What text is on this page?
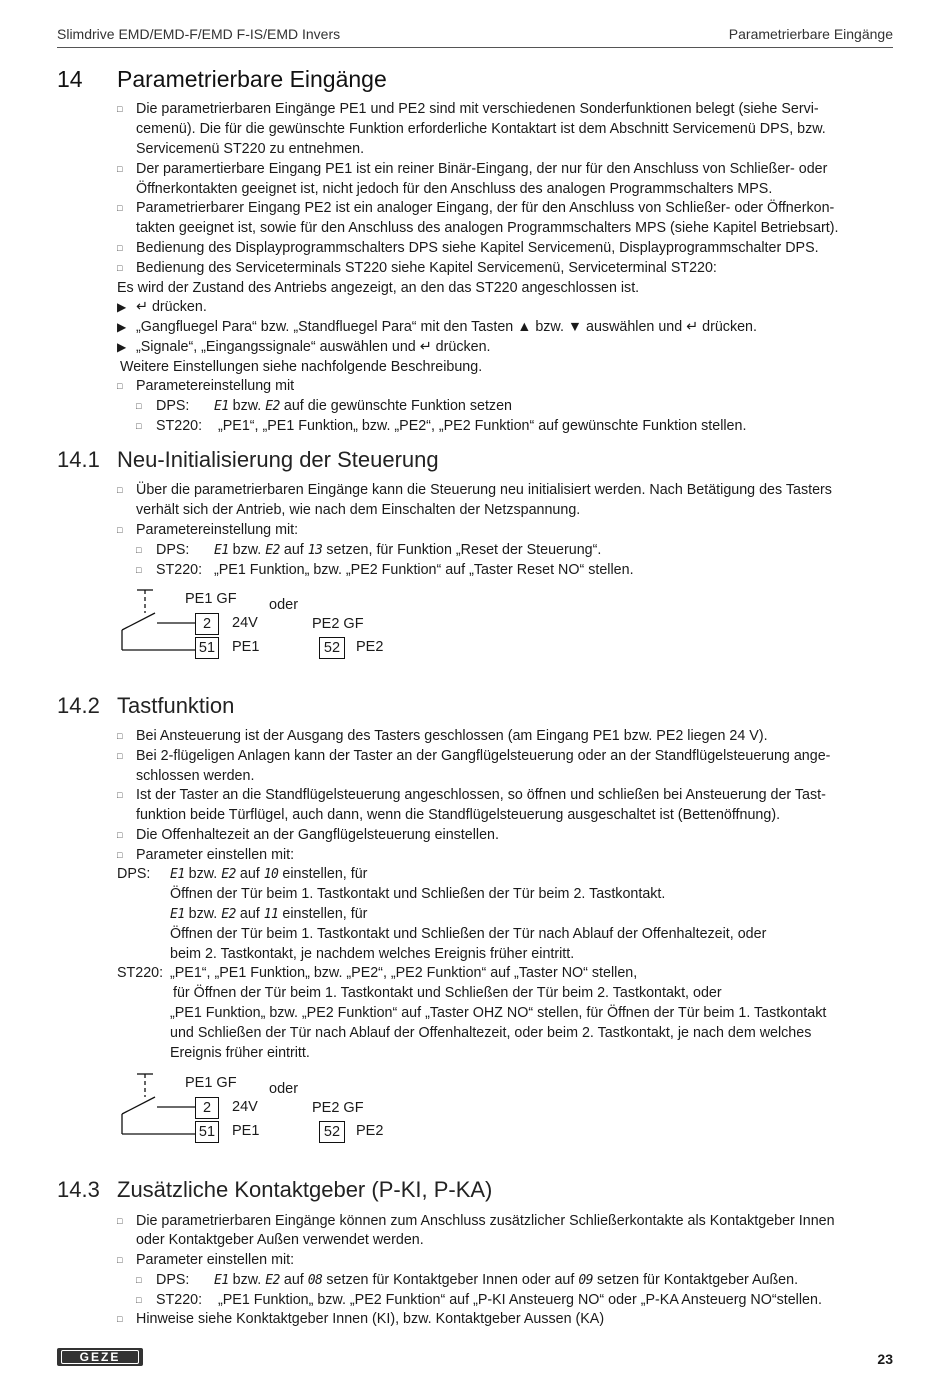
Slimdrive EMD/EMD-F/EMD F-IS/EMD Invers	Parametrierbare Eingänge
14 Parametrierbare Eingänge
□ Die parametrierbaren Eingänge PE1 und PE2 sind mit verschiedenen Sonderfunktionen belegt (siehe Servi-
cemenü). Die für die gewünschte Funktion erforderliche Kontaktart ist dem Abschnitt Servicemenü DPS, bzw.
Servicemenü ST220 zu entnehmen.
□ Der paramertierbare Eingang PE1 ist ein reiner Binär-Eingang, der nur für den Anschluss von Schließer- oder
Öffnerkontakten geeignet ist, nicht jedoch für den Anschluss des analogen Programmschalters MPS.
□ Parametrierbarer Eingang PE2 ist ein analoger Eingang, der für den Anschluss von Schließer- oder Öffnerkon-
takten geeignet ist, sowie für den Anschluss des analogen Programmschalters MPS (siehe Kapitel Betriebsart).
□ Bedienung des Displayprogrammschalters DPS siehe Kapitel Servicemenü, Displayprogrammschalter DPS.
□ Bedienung des Serviceterminals ST220 siehe Kapitel Servicemenü, Serviceterminal ST220:
Es wird der Zustand des Antriebs angezeigt, an den das ST220 angeschlossen ist.
▶ ↵ drücken.
▶ „Gangfluegel Para“ bzw. „Standfluegel Para“ mit den Tasten ▲ bzw. ▼ auswählen und ↵ drücken.
▶ „Signale“, „Eingangssignale“ auswählen und ↵ drücken.
Weitere Einstellungen siehe nachfolgende Beschreibung.
□ Parametereinstellung mit
□ DPS: E1 bzw. E2 auf die gewünschte Funktion setzen
□ ST220: „PE1“, „PE1 Funktion„ bzw. „PE2“, „PE2 Funktion“ auf gewünschte Funktion stellen.
14.1 Neu-Initialisierung der Steuerung
□ Über die parametrierbaren Eingänge kann die Steuerung neu initialisiert werden. Nach Betätigung des Tasters
verhält sich der Antrieb, wie nach dem Einschalten der Netzspannung.
□ Parametereinstellung mit:
□ DPS: E1 bzw. E2 auf 13 setzen, für Funktion „Reset der Steuerung“.
□ ST220: „PE1 Funktion„ bzw. „PE2 Funktion“ auf „Taster Reset NO“ stellen.
PE1 GF oder
2	24V
51 PE1
PE2 GF
52	PE2
14.2 Tastfunktion
□ Bei Ansteuerung ist der Ausgang des Tasters geschlossen (am Eingang PE1 bzw. PE2 liegen 24 V).
□ Bei 2-flügeligen Anlagen kann der Taster an der Gangflügelsteuerung oder an der Standflügelsteuerung ange-
schlossen werden.
□ Ist der Taster an die Standflügelsteuerung angeschlossen, so öffnen und schließen bei Ansteuerung der Tast-
funktion beide Türflügel, auch dann, wenn die Standflügelsteuerung ausgeschaltet ist (Bettenöffnung).
□ Die Offenhaltezeit an der Gangflügelsteuerung einstellen.
□ Parameter einstellen mit:
DPS: E1 bzw. E2 auf 10 einstellen, für
Öffnen der Tür beim 1. Tastkontakt und Schließen der Tür beim 2. Tastkontakt.
E1 bzw. E2 auf 11 einstellen, für
Öffnen der Tür beim 1. Tastkontakt und Schließen der Tür nach Ablauf der Offenhaltezeit, oder
beim 2. Tastkontakt, je nachdem welches Ereignis früher eintritt.
ST220: „PE1“, „PE1 Funktion„ bzw. „PE2“, „PE2 Funktion“ auf „Taster NO“ stellen,
für Öffnen der Tür beim 1. Tastkontakt und Schließen der Tür beim 2. Tastkontakt, oder
„PE1 Funktion„ bzw. „PE2 Funktion“ auf „Taster OHZ NO“ stellen, für Öffnen der Tür beim 1. Tastkontakt
und Schließen der Tür nach Ablauf der Offenhaltezeit, oder beim 2. Tastkontakt, je nach dem welches
Ereignis früher eintritt.
PE1 GF oder
2	24V
51 PE1
PE2 GF
52	PE2
14.3 Zusätzliche Kontaktgeber (P-KI, P-KA)
□ Die parametrierbaren Eingänge können zum Anschluss zusätzlicher Schließerkontakte als Kontaktgeber Innen
oder Kontaktgeber Außen verwendet werden.
□ Parameter einstellen mit:
□ DPS: E1 bzw. E2 auf 08 setzen für Kontaktgeber Innen oder auf 09 setzen für Kontaktgeber Außen.
□ ST220: „PE1 Funktion„ bzw. „PE2 Funktion“ auf „P-KI Ansteuerg NO“ oder „P-KA Ansteuerg NO“stellen.
□ Hinweise siehe Konktaktgeber Innen (KI), bzw. Kontaktgeber Aussen (KA)
GEZE	23
